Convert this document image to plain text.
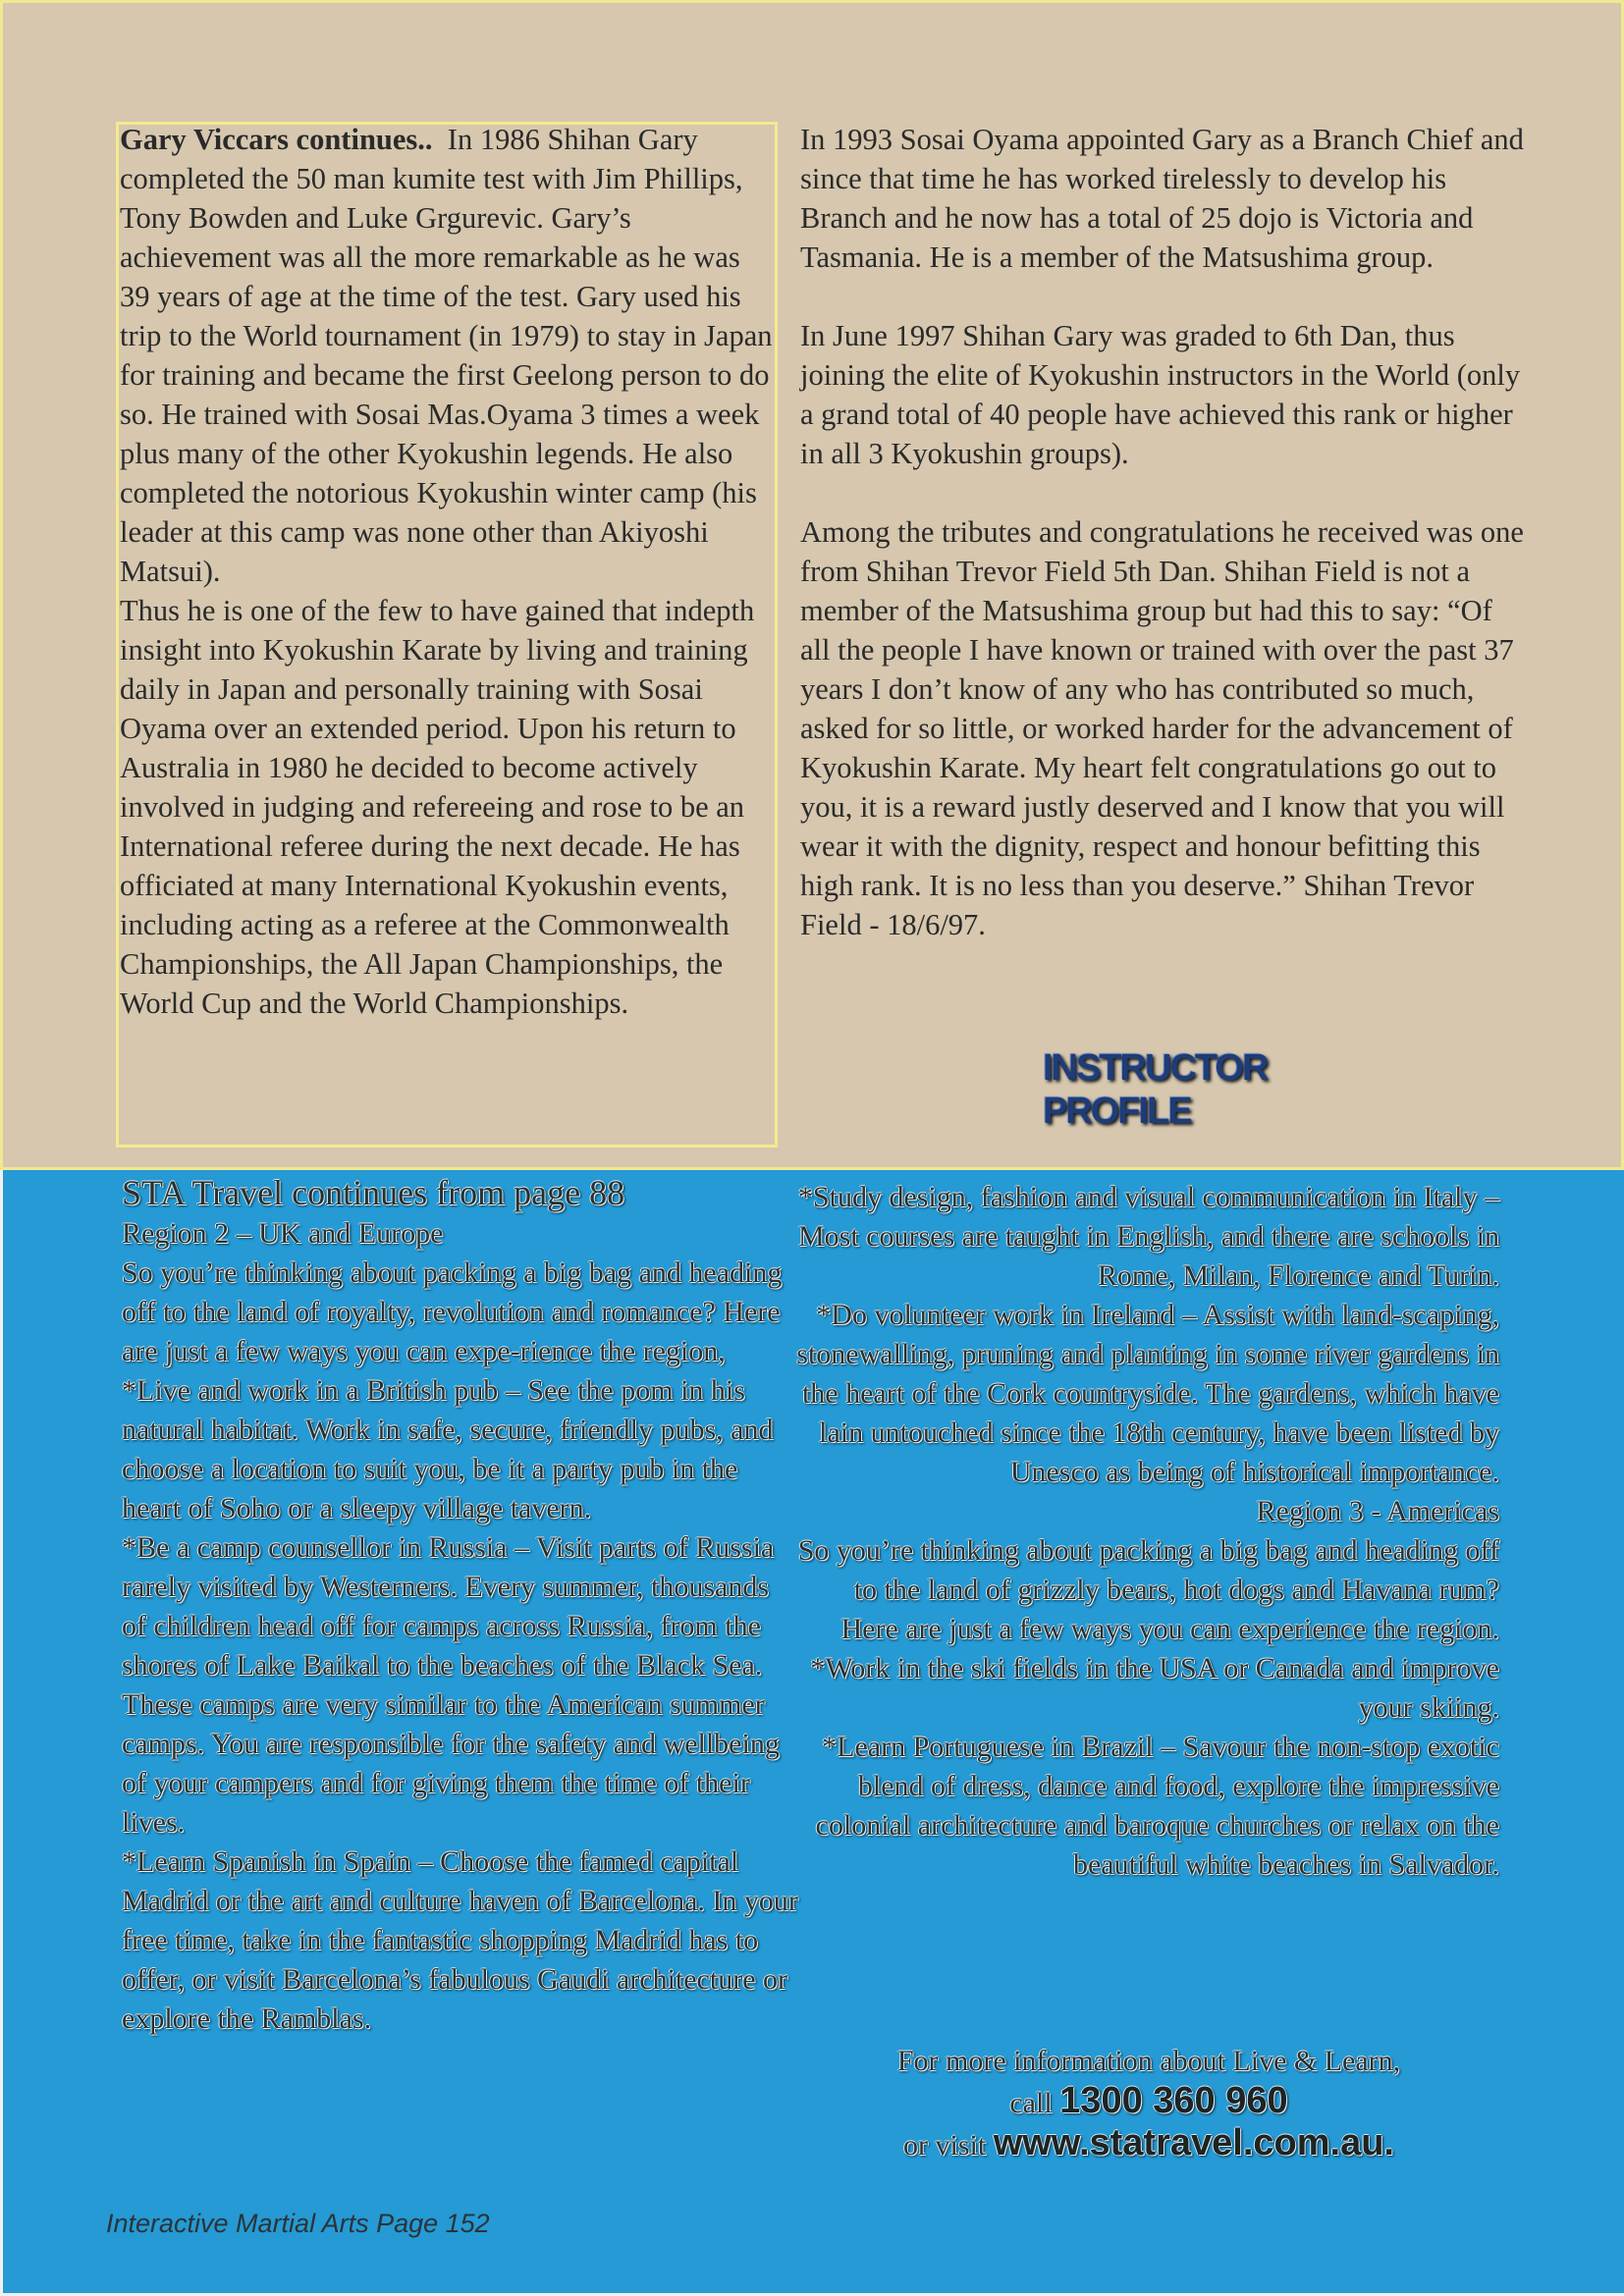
Gary Viccars continues.. In 1986 Shihan Gary completed the 50 man kumite test with Jim Phillips, Tony Bowden and Luke Grgurevic. Gary’s achievement was all the more remarkable as he was 39 years of age at the time of the test. Gary used his trip to the World tournament (in 1979) to stay in Japan for training and became the first Geelong person to do so. He trained with Sosai Mas.Oyama 3 times a week plus many of the other Kyokushin legends. He also completed the notorious Kyokushin winter camp (his leader at this camp was none other than Akiyoshi Matsui).

Thus he is one of the few to have gained that indepth insight into Kyokushin Karate by living and training daily in Japan and personally training with Sosai Oyama over an extended period. Upon his return to Australia in 1980 he decided to become actively involved in judging and refereeing and rose to be an International referee during the next decade. He has officiated at many International Kyokushin events, including acting as a referee at the Commonwealth Championships, the All Japan Championships, the World Cup and the World Championships.

In 1993 Sosai Oyama appointed Gary as a Branch Chief and since that time he has worked tirelessly to develop his Branch and he now has a total of 25 dojo is Victoria and Tasmania. He is a member of the Matsushima group.

In June 1997 Shihan Gary was graded to 6th Dan, thus joining the elite of Kyokushin instructors in the World (only a grand total of 40 people have achieved this rank or higher in all 3 Kyokushin groups).

Among the tributes and congratulations he received was one from Shihan Trevor Field 5th Dan. Shihan Field is not a member of the Matsushima group but had this to say: “Of all the people I have known or trained with over the past 37 years I don’t know of any who has contributed so much, asked for so little, or worked harder for the advancement of Kyokushin Karate. My heart felt congratulations go out to you, it is a reward justly deserved and I know that you will wear it with the dignity, respect and honour befitting this high rank. It is no less than you deserve.” Shihan Trevor Field - 18/6/97.

INSTRUCTOR
PROFILE

STA Travel continues from page 88

Region 2 – UK and Europe

So you’re thinking about packing a big bag and heading off to the land of royalty, revolution and romance? Here are just a few ways you can expe-rience the region,

*Live and work in a British pub – See the pom in his natural habitat. Work in safe, secure, friendly pubs, and choose a location to suit you, be it a party pub in the heart of Soho or a sleepy village tavern.

*Be a camp counsellor in Russia – Visit parts of Russia rarely visited by Westerners. Every summer, thousands of children head off for camps across Russia, from the shores of Lake Baikal to the beaches of the Black Sea. These camps are very similar to the American summer camps. You are responsible for the safety and wellbeing of your campers and for giving them the time of their lives.

*Learn Spanish in Spain – Choose the famed capital Madrid or the art and culture haven of Barcelona. In your free time, take in the fantastic shopping Madrid has to offer, or visit Barcelona’s fabulous Gaudi architecture or explore the Ramblas.

*Study design, fashion and visual communication in Italy – Most courses are taught in English, and there are schools in Rome, Milan, Florence and Turin.

*Do volunteer work in Ireland – Assist with land-scaping, stonewalling, pruning and planting in some river gardens in the heart of the Cork countryside. The gardens, which have lain untouched since the 18th century, have been listed by Unesco as being of historical importance.

Region 3 - Americas

So you’re thinking about packing a big bag and heading off to the land of grizzly bears, hot dogs and Havana rum? Here are just a few ways you can experience the region.

*Work in the ski fields in the USA or Canada and improve your skiing.

*Learn Portuguese in Brazil – Savour the non-stop exotic blend of dress, dance and food, explore the impressive colonial architecture and baroque churches or relax on the beautiful white beaches in Salvador.

For more information about Live & Learn,
call 1300 360 960
or visit www.statravel.com.au.
Interactive Martial Arts Page 152
